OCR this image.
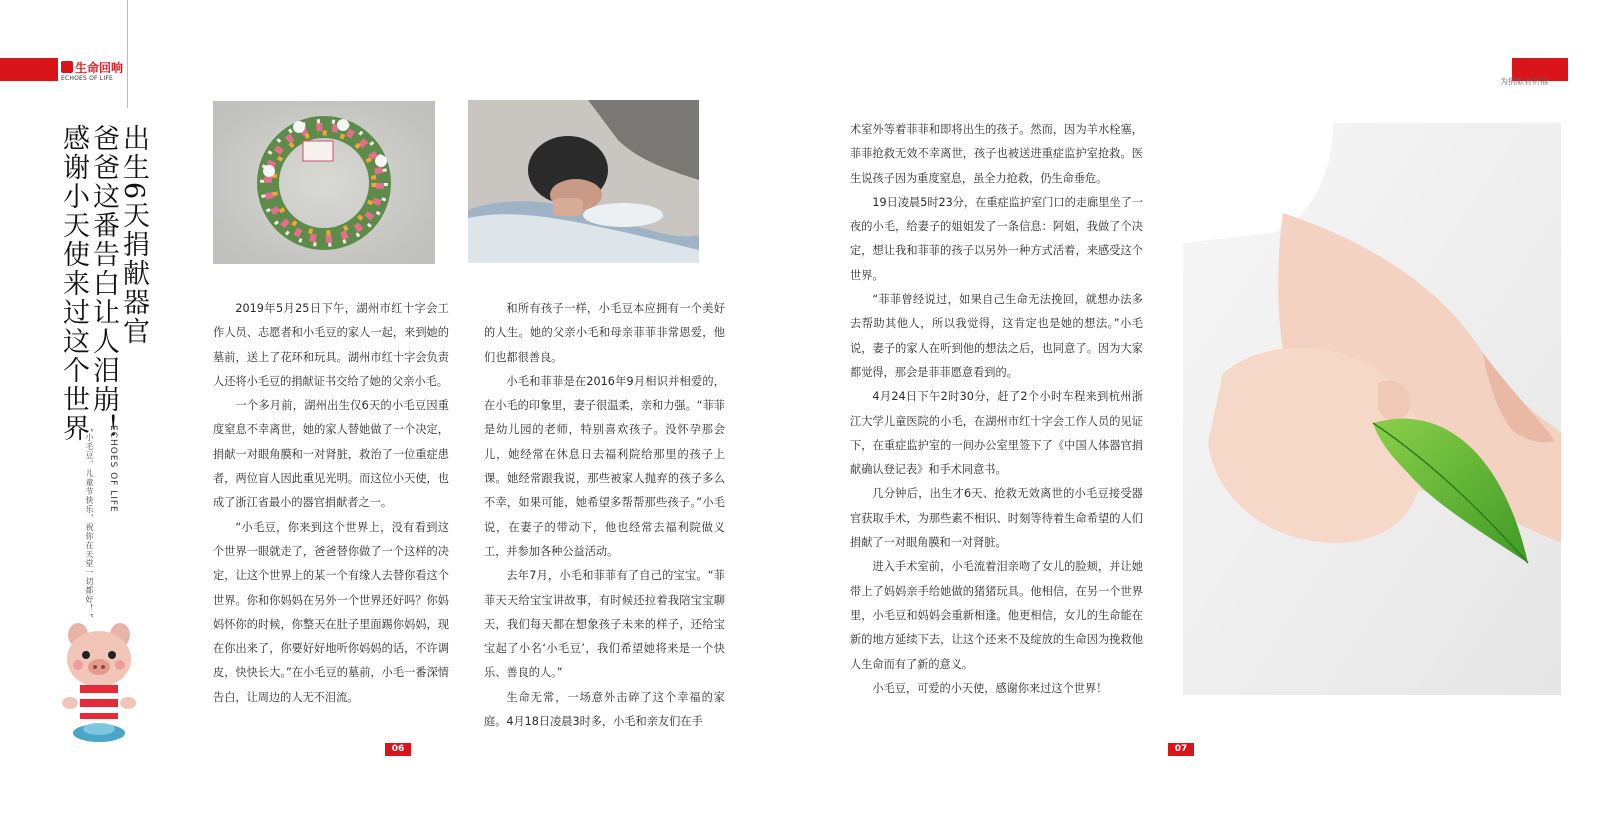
生命回响
ECHOES OF LIFE
第一章
为捐献者祈福
出生6天捐献器官
爸爸这番告白让人泪崩！
感谢小天使来过这个世界
ECHOES OF LIFE
“小毛豆，儿童节快乐，祝你在天堂一切都好！”

2019年5月25日下午，湖州市红十字会工作人员、志愿者和小毛豆的家人一起，来到她的墓前，送上了花环和玩具。湖州市红十字会负责人还将小毛豆的捐献证书交给了她的父亲小毛。

一个多月前，湖州出生仅6天的小毛豆因重度窒息不幸离世，她的家人替她做了一个决定，捐献一对眼角膜和一对肾脏，救治了一位重症患者，两位盲人因此重见光明。而这位小天使，也成了浙江省最小的器官捐献者之一。

“小毛豆，你来到这个世界上，没有看到这个世界一眼就走了，爸爸替你做了一个这样的决定，让这个世界上的某一个有缘人去替你看这个世界。你和你妈妈在另外一个世界还好吗？你妈妈怀你的时候，你整天在肚子里面踢你妈妈，现在你出来了，你要好好地听你妈妈的话，不许调皮，快快长大。”在小毛豆的墓前，小毛一番深情告白，让周边的人无不泪流。

和所有孩子一样，小毛豆本应拥有一个美好的人生。她的父亲小毛和母亲菲菲非常恩爱，他们也都很善良。

小毛和菲菲是在2016年9月相识并相爱的，在小毛的印象里，妻子很温柔，亲和力强。“菲菲是幼儿园的老师，特别喜欢孩子。没怀孕那会儿，她经常在休息日去福利院给那里的孩子上课。她经常跟我说，那些被家人抛弃的孩子多么不幸，如果可能，她希望多帮帮那些孩子。”小毛说，在妻子的带动下，他也经常去福利院做义工，并参加各种公益活动。

去年7月，小毛和菲菲有了自己的宝宝。“菲菲天天给宝宝讲故事，有时候还拉着我陪宝宝聊天，我们每天都在想象孩子未来的样子，还给宝宝起了小名‘小毛豆’，我们希望她将来是一个快乐、善良的人。”

生命无常，一场意外击碎了这个幸福的家庭。4月18日凌晨3时多，小毛和亲友们在手

术室外等着菲菲和即将出生的孩子。然而，因为羊水栓塞，菲菲抢救无效不幸离世，孩子也被送进重症监护室抢救。医生说孩子因为重度窒息，虽全力抢救，仍生命垂危。

19日凌晨5时23分，在重症监护室门口的走廊里坐了一夜的小毛，给妻子的姐姐发了一条信息：阿姐，我做了个决定，想让我和菲菲的孩子以另外一种方式活着，来感受这个世界。

“菲菲曾经说过，如果自己生命无法挽回，就想办法多去帮助其他人，所以我觉得，这肯定也是她的想法。”小毛说，妻子的家人在听到他的想法之后，也同意了。因为大家都觉得，那会是菲菲愿意看到的。

4月24日下午2时30分，赶了2个小时车程来到杭州浙江大学儿童医院的小毛，在湖州市红十字会工作人员的见证下，在重症监护室的一间办公室里签下了《中国人体器官捐献确认登记表》和手术同意书。

几分钟后，出生才6天、抢救无效离世的小毛豆接受器官获取手术，为那些素不相识、时刻等待着生命希望的人们捐献了一对眼角膜和一对肾脏。

进入手术室前，小毛流着泪亲吻了女儿的脸颊，并让她带上了妈妈亲手给她做的猪猪玩具。他相信，在另一个世界里，小毛豆和妈妈会重新相逢。他更相信，女儿的生命能在新的地方延续下去，让这个还来不及绽放的生命因为挽救他人生命而有了新的意义。

小毛豆，可爱的小天使，感谢你来过这个世界！

06	07
